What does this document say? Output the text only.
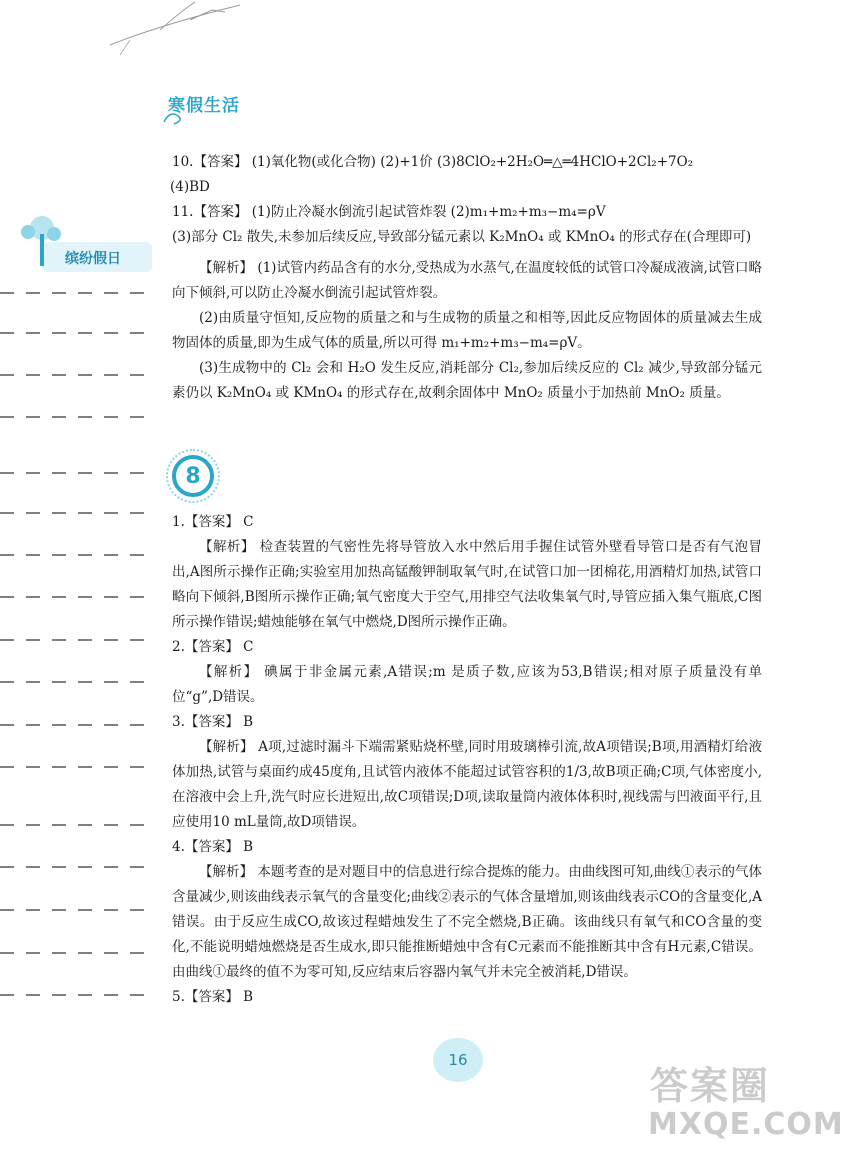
寒假生活
缤纷假日

10.【答案】 (1)氧化物(或化合物) (2)+1价 (3)8ClO₂+2H₂O═△═4HClO+2Cl₂+7O₂

(4)BD

11.【答案】 (1)防止冷凝水倒流引起试管炸裂 (2)m₁+m₂+m₃−m₄=ρV

(3)部分 Cl₂ 散失,未参加后续反应,导致部分锰元素以 K₂MnO₄ 或 KMnO₄ 的形式存在(合理即可)

【解析】 (1)试管内药品含有的水分,受热成为水蒸气,在温度较低的试管口冷凝成液滴,试管口略向下倾斜,可以防止冷凝水倒流引起试管炸裂。

(2)由质量守恒知,反应物的质量之和与生成物的质量之和相等,因此反应物固体的质量减去生成物固体的质量,即为生成气体的质量,所以可得 m₁+m₂+m₃−m₄=ρV。

(3)生成物中的 Cl₂ 会和 H₂O 发生反应,消耗部分 Cl₂,参加后续反应的 Cl₂ 减少,导致部分锰元素仍以 K₂MnO₄ 或 KMnO₄ 的形式存在,故剩余固体中 MnO₂ 质量小于加热前 MnO₂ 质量。

8

1.【答案】 C

【解析】 检查装置的气密性先将导管放入水中然后用手握住试管外壁看导管口是否有气泡冒出,A图所示操作正确;实验室用加热高锰酸钾制取氧气时,在试管口加一团棉花,用酒精灯加热,试管口略向下倾斜,B图所示操作正确;氧气密度大于空气,用排空气法收集氧气时,导管应插入集气瓶底,C图所示操作错误;蜡烛能够在氧气中燃烧,D图所示操作正确。

2.【答案】 C

【解析】 碘属于非金属元素,A错误;m 是质子数,应该为53,B错误;相对原子质量没有单位“g”,D错误。

3.【答案】 B

【解析】 A项,过滤时漏斗下端需紧贴烧杯壁,同时用玻璃棒引流,故A项错误;B项,用酒精灯给液体加热,试管与桌面约成45度角,且试管内液体不能超过试管容积的1/3,故B项正确;C项,气体密度小,在溶液中会上升,洗气时应长进短出,故C项错误;D项,读取量筒内液体体积时,视线需与凹液面平行,且应使用10 mL量筒,故D项错误。

4.【答案】 B

【解析】 本题考查的是对题目中的信息进行综合提炼的能力。由曲线图可知,曲线①表示的气体含量减少,则该曲线表示氧气的含量变化;曲线②表示的气体含量增加,则该曲线表示CO的含量变化,A错误。由于反应生成CO,故该过程蜡烛发生了不完全燃烧,B正确。该曲线只有氧气和CO含量的变化,不能说明蜡烛燃烧是否生成水,即只能推断蜡烛中含有C元素而不能推断其中含有H元素,C错误。由曲线①最终的值不为零可知,反应结束后容器内氧气并未完全被消耗,D错误。

5.【答案】 B

16
答案圈
MXQE.COM
